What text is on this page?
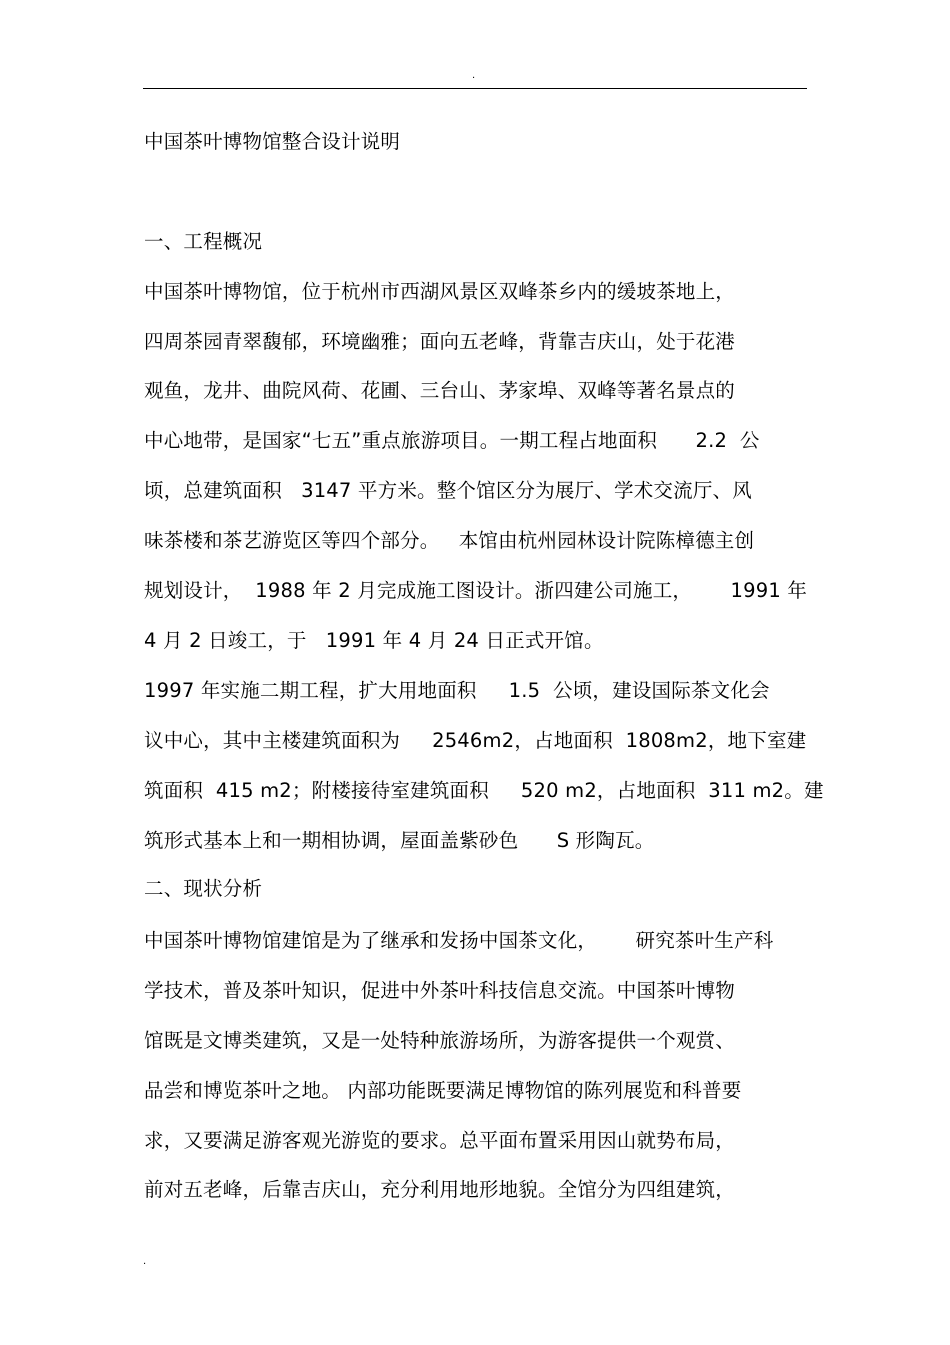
.
中国茶叶博物馆整合设计说明
一、工程概况
中国茶叶博物馆，位于杭州市西湖风景区双峰茶乡内的缓坡茶地上，
四周茶园青翠馥郁，环境幽雅；面向五老峰，背靠吉庆山，处于花港
观鱼，龙井、曲院风荷、花圃、三台山、茅家埠、双峰等著名景点的
中心地带，是国家“七五”重点旅游项目。一期工程占地面积      2.2  公
顷，总建筑面积   3147 平方米。整个馆区分为展厅、学术交流厅、风
味茶楼和茶艺游览区等四个部分。   本馆由杭州园林设计院陈樟德主创
规划设计，  1988 年 2 月完成施工图设计。浙四建公司施工，      1991 年
4 月 2 日竣工，于   1991 年 4 月 24 日正式开馆。
1997 年实施二期工程，扩大用地面积     1.5  公顷，建设国际茶文化会
议中心，其中主楼建筑面积为     2546m2，占地面积  1808m2，地下室建
筑面积  415 m2；附楼接待室建筑面积     520 m2，占地面积  311 m2。建
筑形式基本上和一期相协调，屋面盖紫砂色      S 形陶瓦。
二、现状分析
中国茶叶博物馆建馆是为了继承和发扬中国茶文化，      研究茶叶生产科
学技术，普及茶叶知识，促进中外茶叶科技信息交流。中国茶叶博物
馆既是文博类建筑，又是一处特种旅游场所，为游客提供一个观赏、
品尝和博览茶叶之地。 内部功能既要满足博物馆的陈列展览和科普要
求，又要满足游客观光游览的要求。总平面布置采用因山就势布局，
前对五老峰，后靠吉庆山，充分利用地形地貌。全馆分为四组建筑，
.
